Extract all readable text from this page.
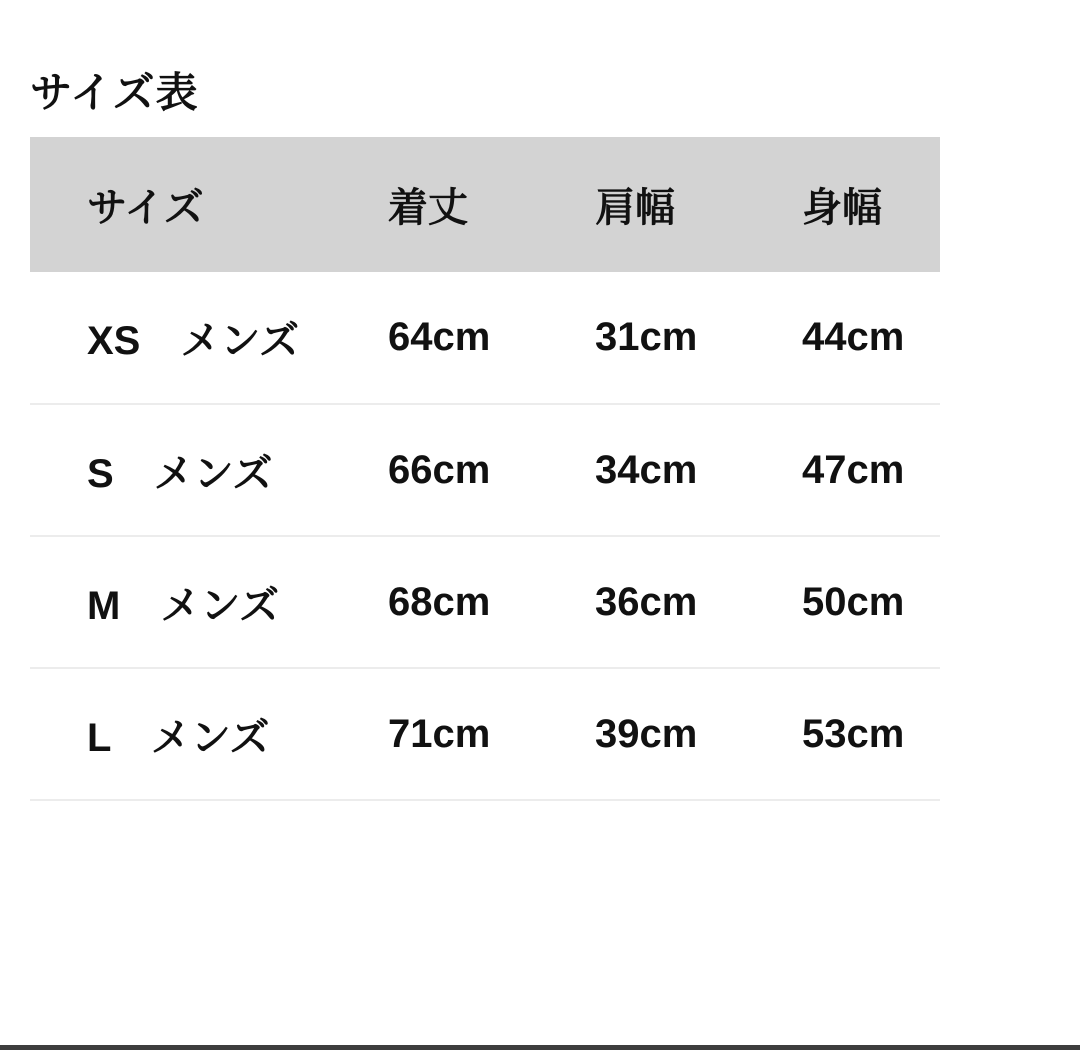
サイズ表
サイズ	着丈	肩幅	身幅
XS　メンズ	64cm	31cm	44cm
S　メンズ	66cm	34cm	47cm
M　メンズ	68cm	36cm	50cm
L　メンズ	71cm	39cm	53cm
